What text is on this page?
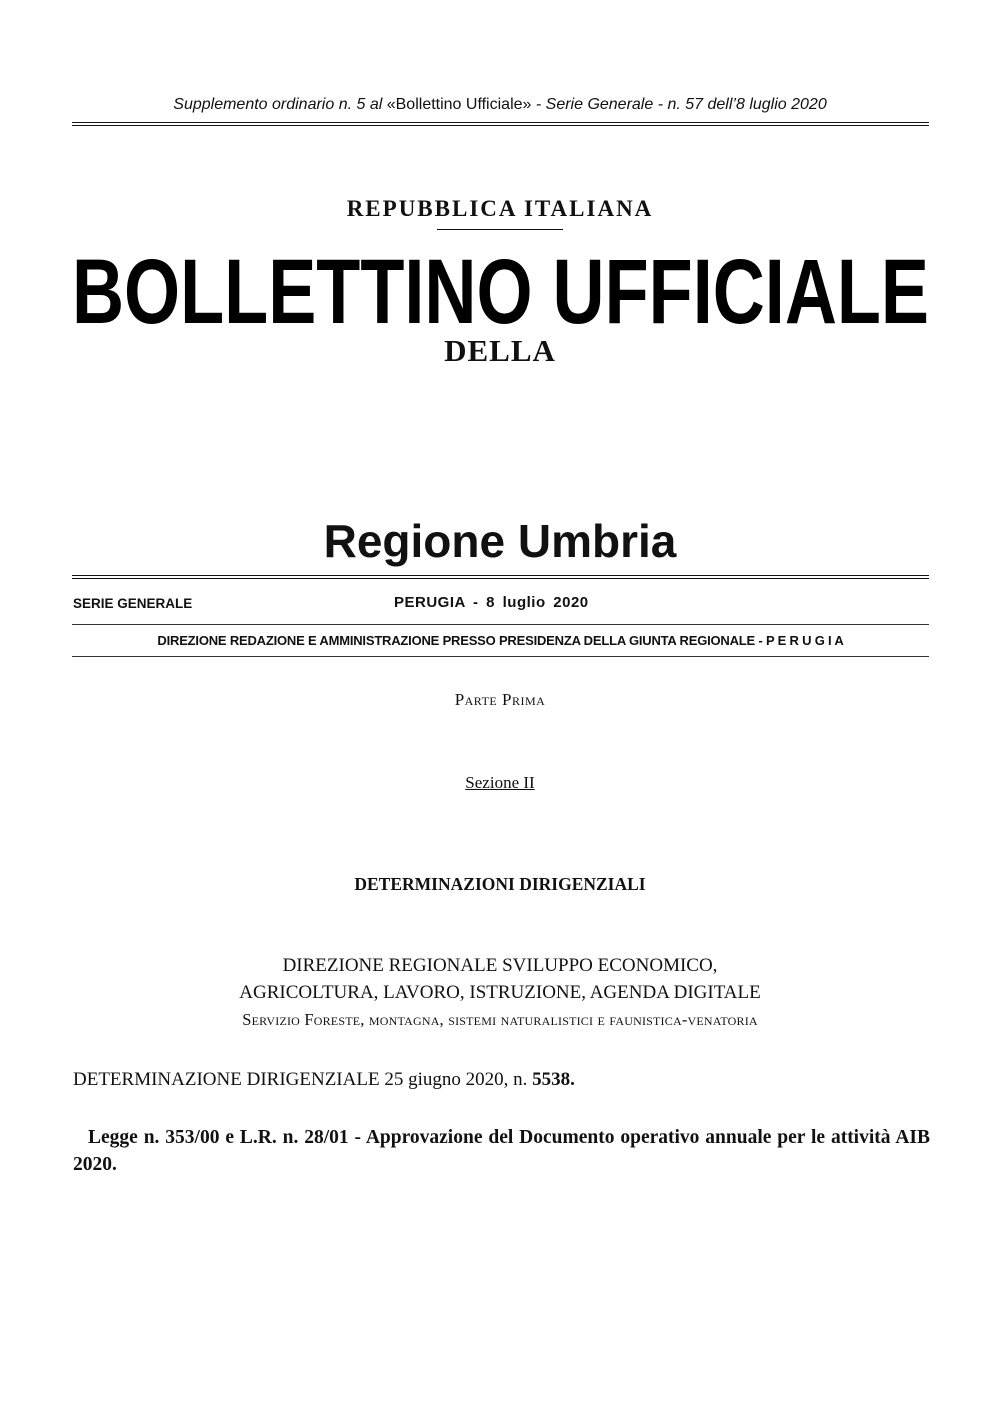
Supplemento ordinario n. 5 al «Bollettino Ufficiale» - Serie Generale - n. 57 dell’8 luglio 2020
REPUBBLICA ITALIANA
BOLLETTINO UFFICIALE
DELLA
Regione Umbria
SERIE GENERALE	PERUGIA - 8 luglio 2020
DIREZIONE REDAZIONE E AMMINISTRAZIONE PRESSO PRESIDENZA DELLA GIUNTA REGIONALE - P E R U G I A
Parte Prima
Sezione II
DETERMINAZIONI DIRIGENZIALI
DIREZIONE REGIONALE SVILUPPO ECONOMICO,
AGRICOLTURA, LAVORO, ISTRUZIONE, AGENDA DIGITALE
Servizio Foreste, montagna, sistemi naturalistici e faunistica-venatoria
DETERMINAZIONE DIRIGENZIALE 25 giugno 2020, n. 5538.
Legge n. 353/00 e L.R. n. 28/01 - Approvazione del Documento operativo annuale per le attività AIB 2020.
